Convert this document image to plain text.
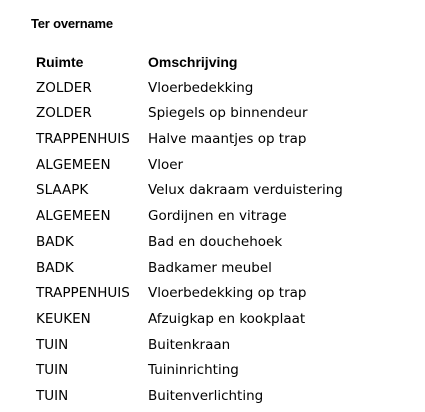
Ter overname
Ruimte	Omschrijving
ZOLDER	Vloerbedekking
ZOLDER	Spiegels op binnendeur
TRAPPENHUIS Halve maantjes op trap
ALGEMEEN	Vloer
SLAAPK	Velux dakraam verduistering
ALGEMEEN	Gordijnen en vitrage
BADK	Bad en douchehoek
BADK	Badkamer meubel
TRAPPENHUIS Vloerbedekking op trap
KEUKEN	Afzuigkap en kookplaat
TUIN	Buitenkraan
TUIN	Tuininrichting
TUIN	Buitenverlichting
